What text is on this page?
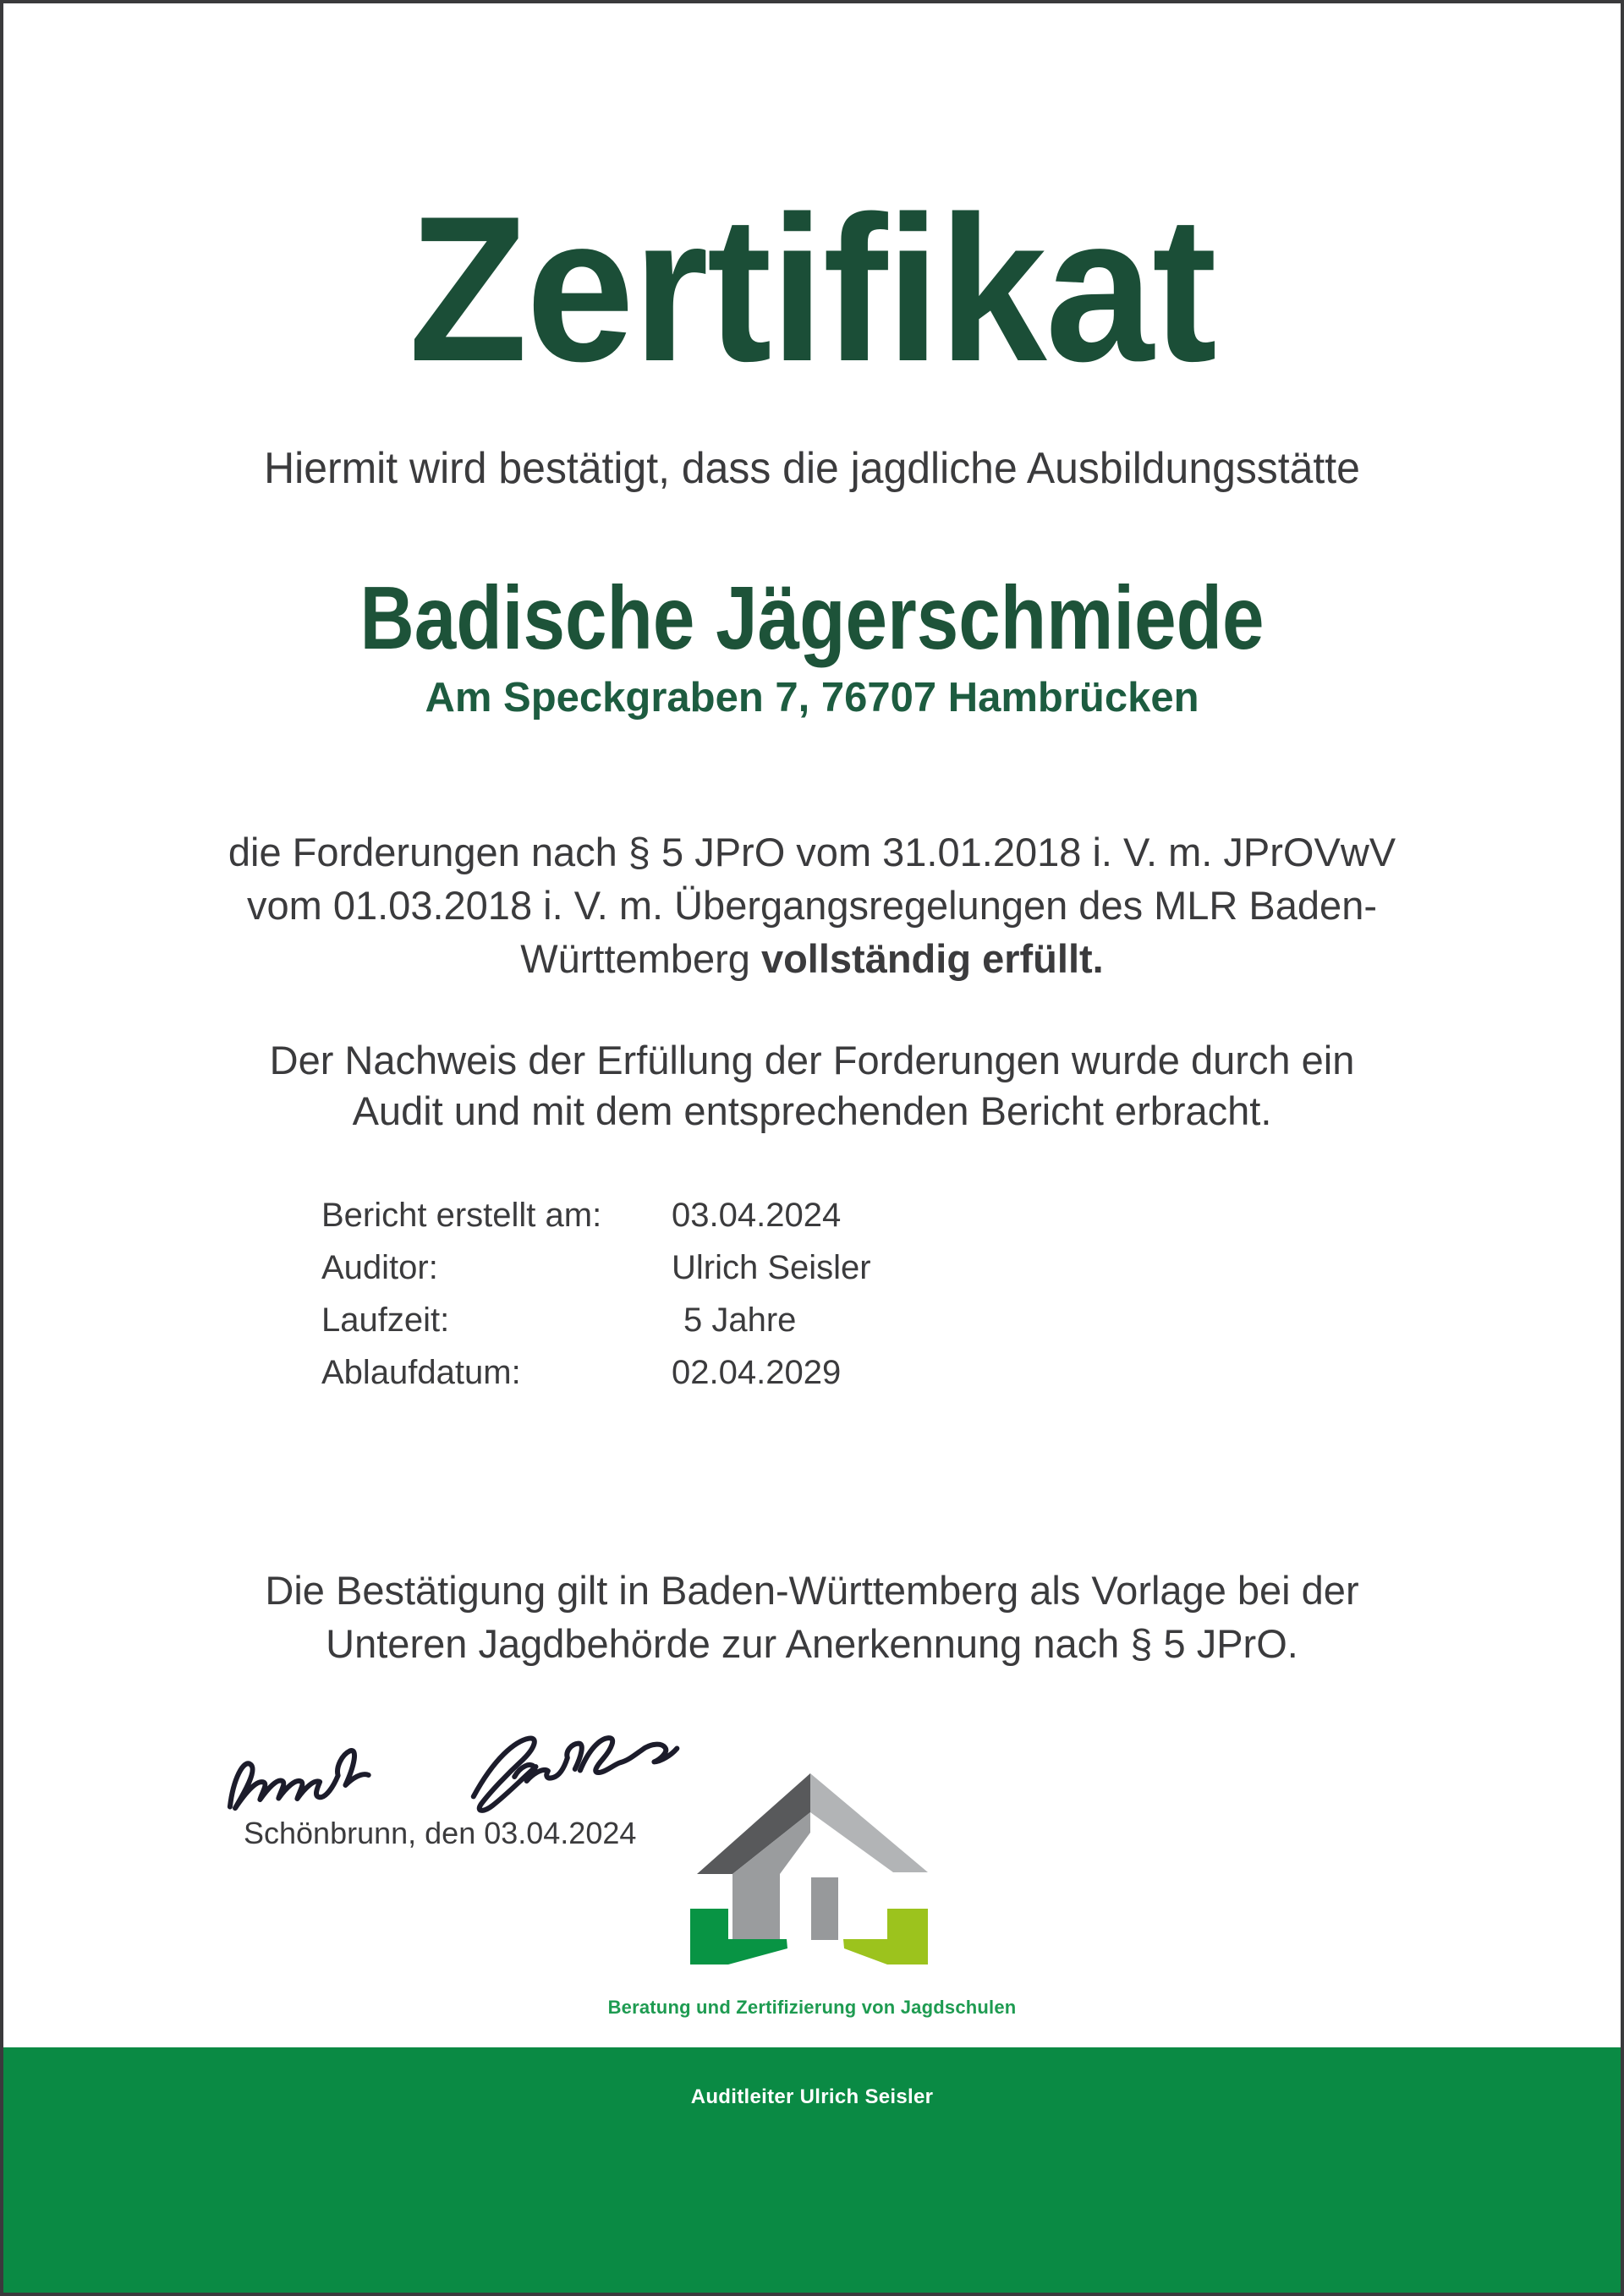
Zertifikat
Hiermit wird bestätigt, dass die jagdliche Ausbildungsstätte
Badische Jägerschmiede
Am Speckgraben 7, 76707 Hambrücken
die Forderungen nach § 5 JPrO vom 31.01.2018 i. V. m. JPrOVwV
vom 01.03.2018 i. V. m. Übergangsregelungen des MLR Baden-
Württemberg vollständig erfüllt.
Der Nachweis der Erfüllung der Forderungen wurde durch ein
Audit und mit dem entsprechenden Bericht erbracht.
Bericht erstellt am: 03.04.2024
Auditor:	Ulrich Seisler
Laufzeit:	5 Jahre
Ablaufdatum:	02.04.2029
Die Bestätigung gilt in Baden-Württemberg als Vorlage bei der
Unteren Jagdbehörde zur Anerkennung nach § 5 JPrO.
Schönbrunn, den 03.04.2024
Beratung und Zertifizierung von Jagdschulen
Auditleiter Ulrich Seisler
